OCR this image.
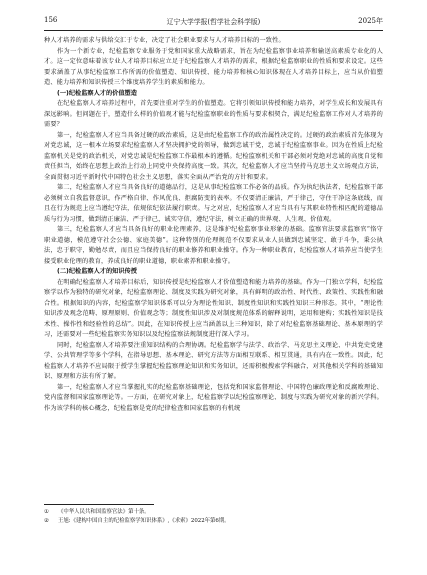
156	辽宁大学学报(哲学社会科学版)	2025年

种人才培养的需求与供给交汇于专业，决定了社会职业要求与人才培养目标的一致性。

作为一个新专业，纪检监察专业服务于党和国家重大战略需求，旨在为纪检监察事业培养和输送高素质专业化的人才。这一定位意味着该专业人才培养目标应立足于纪检监察人才培养的需求，根据纪检监察职业的性质和要求设定。这些要求涵盖了从事纪检监察工作所需的价值塑造、知识传授、能力培养和核心知识体现在人才培养目标上，应当从价值塑造、能力培养和知识传授三个维度培养学生的素质和能力。

(一)纪检监察人才的价值塑造

在纪检监察人才培养过程中，首先要注重对学生的价值塑造。它将引领知识传授和能力培养，对学生成长和发展具有深远影响。但问题在于，塑造什么样的价值观才能与纪检监察职业的性质与要求相契合，满足纪检监察工作对人才培养的需要？

第一，纪检监察人才应当具备过硬的政治素质，这是由纪检监察工作的政治属性决定的。过硬的政治素质首先体现为对党忠诚，这一根本立场要求纪检监察人才坚决拥护党的领导，做到忠诚干党，忠诚于纪检监察事业。因为在性质上纪检监察机关是党的政治机关，对党忠诚是纪检监察工作最根本的遵循。纪检监察机关和干部必须对党绝对忠诚的高度自觉和责任担当，始终在思想上政治上行动上同党中央保持高度一致。其次，纪检监察人才应当坚持马克思主义立场观点方法，全面贯彻习近平新时代中国特色社会主义思想，落实全面从严治党的方针和要求。

第二，纪检监察人才应当具备良好的道德品行，这是从事纪检监察工作必备的品质。作为执纪执法者，纪检监察干部必须树立自我监督意识，作严格自律、作风优良、拒腐防变的表率。不仅要清正廉洁，严于律己，守住干净这条底线，而且在行为规范上应当遵纪守法，依规依纪依法履行职责。与之对应，纪检监察人才应当具有与其职业特性相匹配的道德品质与行为习惯，做到清正廉洁、严于律己，诚实守信，遵纪守法，树立正确的世界观、人生观、价值观。

第三，纪检监察人才应当具备良好的职业伦理素养，这是维护纪检监察事业形象的基础。监察官法要求监察官“恪守职业道德，模范遵守社会公德、家庭美德”。这种特别的伦理规范不仅要求从业人员做到忠诚坚定、敢于斗争，秉公执法，忠于职守，勤勉尽责，而且应当保持良好的职业修养和职业操守。作为一种职业教育，纪检监察人才培养应当使学生接受职业伦理的教育，养成良好的职业道德，职业素养和职业操守。

(二)纪检监察人才的知识传授

在明确纪检监察人才培养目标后，知识传授是纪检监察人才价值塑造和能力培养的基础。作为一门独立学科，纪检监察学以作为独特的研究对象，纪检监察理论、制度及实践为研究对象，具有鲜明的政治性、时代性、政策性、实践性和融合性。根据知识的内容，纪检监察学知识体系可以分为理论性知识、制度性知识和实践性知识三种形态。其中，“理论性知识涉及观念范畴、原理原则、价值观念等；制度性知识涉及对制度规范体系的解释说明，运用和建构；实践性知识是技术性、操作性和经验性的总结”。因此，在知识传授上应当涵盖以上三种知识，除了对纪检监察基础理论、基本原理的学习，还需要对一些纪检监察实务知识以及纪检监察法规制度进行深入学习。

同时，纪检监察人才培养要注重知识结构的合理协调。纪检监察学与法学、政治学、马克思主义理论、中共党史党建学、公共管理学等多个学科，在指导思想、基本理论、研究方法等方面相互联系、相互贯通，具有内在一致性。因此，纪检监察人才培养不应局限于授学生掌握纪检监察理论知识和实务知识，还需积极搜索学科融合，对其他相关学科的基础知识、原理和方法有所了解。

第一，纪检监察人才应当掌握扎实的纪检监察基础理论，包括党和国家监督理论、中国特色廉政理论和反腐败理论、党内监督和国家监察理论等。一方面，在研究对象上，纪检监察学以纪检监察理论、制度与实践为研究对象的新兴学科。作为该学科的核心概念，纪检监察是党的纪律检查和国家监察的有机统

① 《中华人民共和国监察官法》第十条。

② 王旭:《建构中国自主的纪检监察学知识体系》,《求索》2022年第6期。
